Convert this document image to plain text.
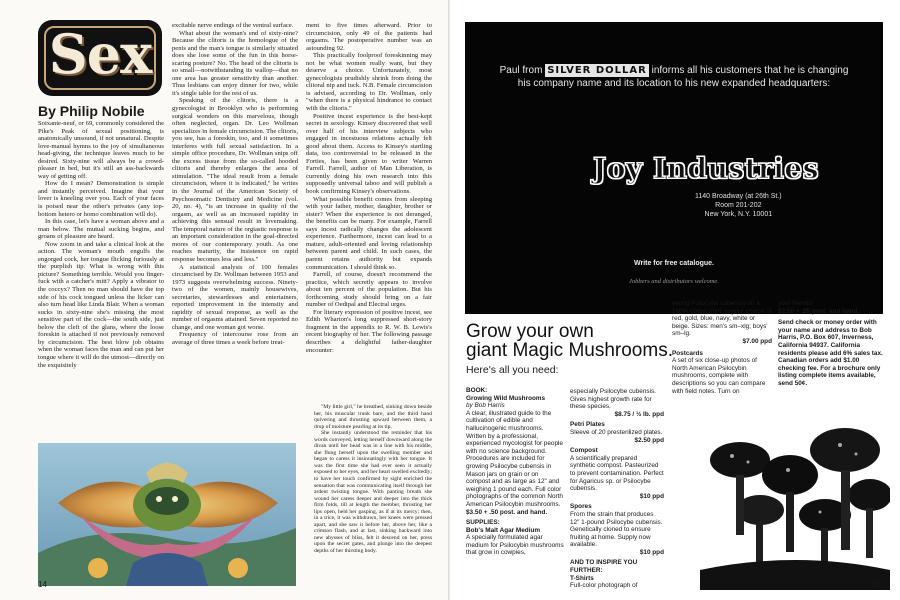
Sex
By Philip Nobile

Soixante-neuf, or 69, commonly considered the Pike's Peak of sexual positioning, is anatomically unsound, if not unnatural. Despite love-manual hymns to the joy of simultaneous head-giving, the technique leaves much to be desired. Sixty-nine will always be a crowd-pleaser in bed, but it's still an ass-backwards way of getting off.

How do I mean? Demonstration is simple and instantly perceived. Imagine that your lover is kneeling over you. Each of your faces is poised near the other's privates (any top-bottom hetero or homo combination will do).

In this case, let's have a woman above and a man below. The mutual sucking begins, and groans of pleasure are heard.

Now zoom in and take a clinical look at the action. The woman's mouth engulfs the engorged cock, her tongue flicking furiously at the purplish tip. What is wrong with this picture? Something terrible. Would you finger-fuck with a catcher's mitt? Apply a vibrator to the coccyx? Then no man should have the top side of his cock tongued unless the licker can also turn head like Linda Blair. When a woman sucks in sixty-nine she's missing the most sensitive part of the cock—the south side, just below the cleft of the glans, where the loose foreskin is attached if not previously removed by circumcision. The best blow job obtains when the woman faces the man and can put her tongue where it will do the utmost—directly on the exquisitely

excitable nerve endings of the ventral surface.

What about the woman's end of sixty-nine? Because the clitoris is the homologue of the penis and the man's tongue is similarly situated does she lose some of the fun in this horse-scaring posture? No. The head of the clitoris is so small—notwithstanding its wallop—that no one area has greater sensitivity than another. Thus lesbians can enjoy dinner for two, while it's single table for the rest of us.

Speaking of the clitoris, there is a gynecologist in Brooklyn who is performing surgical wonders on this marvelous, though often neglected, organ. Dr. Leo Wollman specializes in female circumcision. The clitoris, you see, has a foreskin, too, and it sometimes interferes with full sexual satisfaction. In a simple office procedure, Dr. Wollman snips off the excess tissue from the so-called hooded clitoris and thereby enlarges the area of stimulation. "The ideal result from a female circumcision, where it is indicated," he writes in the Journal of the American Society of Psychosomatic Dentistry and Medicine (vol. 20, no. 4), "is an increase in quality of the orgasm, as well as an increased rapidity in achieving this sensual result in lovemaking. The temporal nature of the orgiastic response is an important consideration in the goal-directed mores of our contemporary youth. As one reaches maturity, the insistence on rapid response becomes less and less."

A statistical analysis of 100 females circumcised by Dr. Wollman between 1953 and 1973 suggests overwhelming success. Ninety-two of the women, mainly housewives, secretaries, stewardesses and entertainers, reported improvement in the intensity and rapidity of sexual response, as well as the number of orgasms attained. Seven reported no change, and one woman got worse.

Frequency of intercourse rose from an average of three times a week before treat-

ment to five times afterward. Prior to circumcision, only 49 of the patients had orgasms. The postoperative number was an astounding 92.

This practically foolproof foreskinning may not be what women really want, but they deserve a choice. Unfortunately, most gynecologists prudishly shrink from doing the clitoral nip and tuck. N.B. Female circumcision is advised, according to Dr. Wollman, only "when there is a physical hindrance to contact with the clitoris."

Positive incest experience is the best-kept secret in sexology. Kinsey discovered that well over half of his interview subjects who engaged in incestuous relations actually felt good about them. Access to Kinsey's startling data, too controversial to be released in the Forties, has been given to writer Warren Farrell. Farrell, author of Man Liberation, is currently doing his own research into this supposedly universal taboo and will publish a book confirming Kinsey's observations.

What possible benefit comes from sleeping with your father, mother, daughter, brother or sister? When the experience is not deranged, the benefits can be many. For example, Farrell says incest radically changes the adolescent experience. Furthermore, incest can lead to a mature, adult-oriented and loving relationship between parent and child. In such cases, the parent retains authority but expands communication. I should think so.

Farrell, of course, doesn't recommend the practice, which secretly appears to involve about ten percent of the population. But his forthcoming study should bring on a fair number of Oedipal and Electral urges.

For literary expression of positive incest, see Edith Wharton's long suppressed short-story fragment in the appendix to R. W. B. Lewis's recent biography of her. The following passage describes a delightful father-daughter encounter:

"My little girl," he breathed, sinking down beside her, his muscular trunk bare, and the third hand quivering and thrusting upward between them, a drop of moisture pearling at its tip.

She instantly understood the reminder that his words conveyed, letting herself downward along the divan until her head was in a line with his middle, she flung herself upon the swelling member and began to caress it insinuatingly with her tongue. It was the first time she had ever seen it actually exposed to her eyes, and her heart swelled excitedly; to have her touch confirmed by sight enriched the sensation that was communicating itself through her ardent twisting tongue. With panting breath she wound her caress deeper and deeper into the thick firm folds, till at length the member, thrusting her lips open, held her gasping, as if at its mercy; then, in a trice, it was withdrawn, her knees were pressed apart, and she saw it before her, above her, like a crimson flash, and at last, sinking backward into new abysses of bliss, felt it descend on her, press upon the secret gates, and plunge into the deepest depths of her thirsting body.

14
Paul from SILVER DOLLAR informs all his customers that he is changing
his company name and its location to his new expanded headquarters:
Joy Industries
1140 Broadway (at 26th St.)
Room 201-202
New York, N.Y. 10001
Write for free catalogue.
Jobbers and distributors welcome.
Grow your own
giant Magic Mushrooms.
Here's all you need:
BOOK:
Growing Wild Mushrooms
by Bob Harris
A clear, illustrated guide to the cultivation of edible and hallucinogenic mushrooms. Written by a professional, experienced mycologist for people with no science background. Procedures are included for growing Psilocybe cubensis in Mason jars on grain or on compost and as large as 12" and weighing 1 pound each. Full color photographs of the common North American Psilocybin mushrooms.
$3.50 + .50 post. and hand.
SUPPLIES:
Bob's Malt Agar Medium
A specially formulated agar medium for Psilocybin mushrooms that grow in cowpies,
especially Psilocybe cubensis. Gives highest growth rate for these species.
$8.75 / ½ lb. ppd
Petri Plates
Sleeve of 20 presterilized plates.
$2.50 ppd
Compost
A scientifically prepared synthetic compost. Pasteurized to prevent contamination. Perfect for Agaricus sp. or Psilocybe cubensis.
$10 ppd
Spores
From the strain that produces 12" 1-pound Psilocybe cubensis. Genetically cloned to ensure fruiting at home. Supply now available.
$10 ppd
AND TO INSPIRE YOU FURTHER:
T-Shirts
Full-color photograph of
young Psilocybe cubensis on a 100% cotton shirt, in your choice of red, gold, blue, navy, white or beige. Sizes: men's sm–xlg; boys' sm–lg.
$7.00 ppd
Postcards
A set of six close-up photos of North American Psilocybin mushrooms, complete with descriptions so you can compare with field notes. Turn on
your friends!
$2.50 + .25 post. and hand.
Send check or money order with your name and address to Bob Harris, P.O. Box 607, Inverness, California 94937. California residents please add 6% sales tax. Canadian orders add $1.00 checking fee. For a brochure only listing complete items available, send 50¢.
15
